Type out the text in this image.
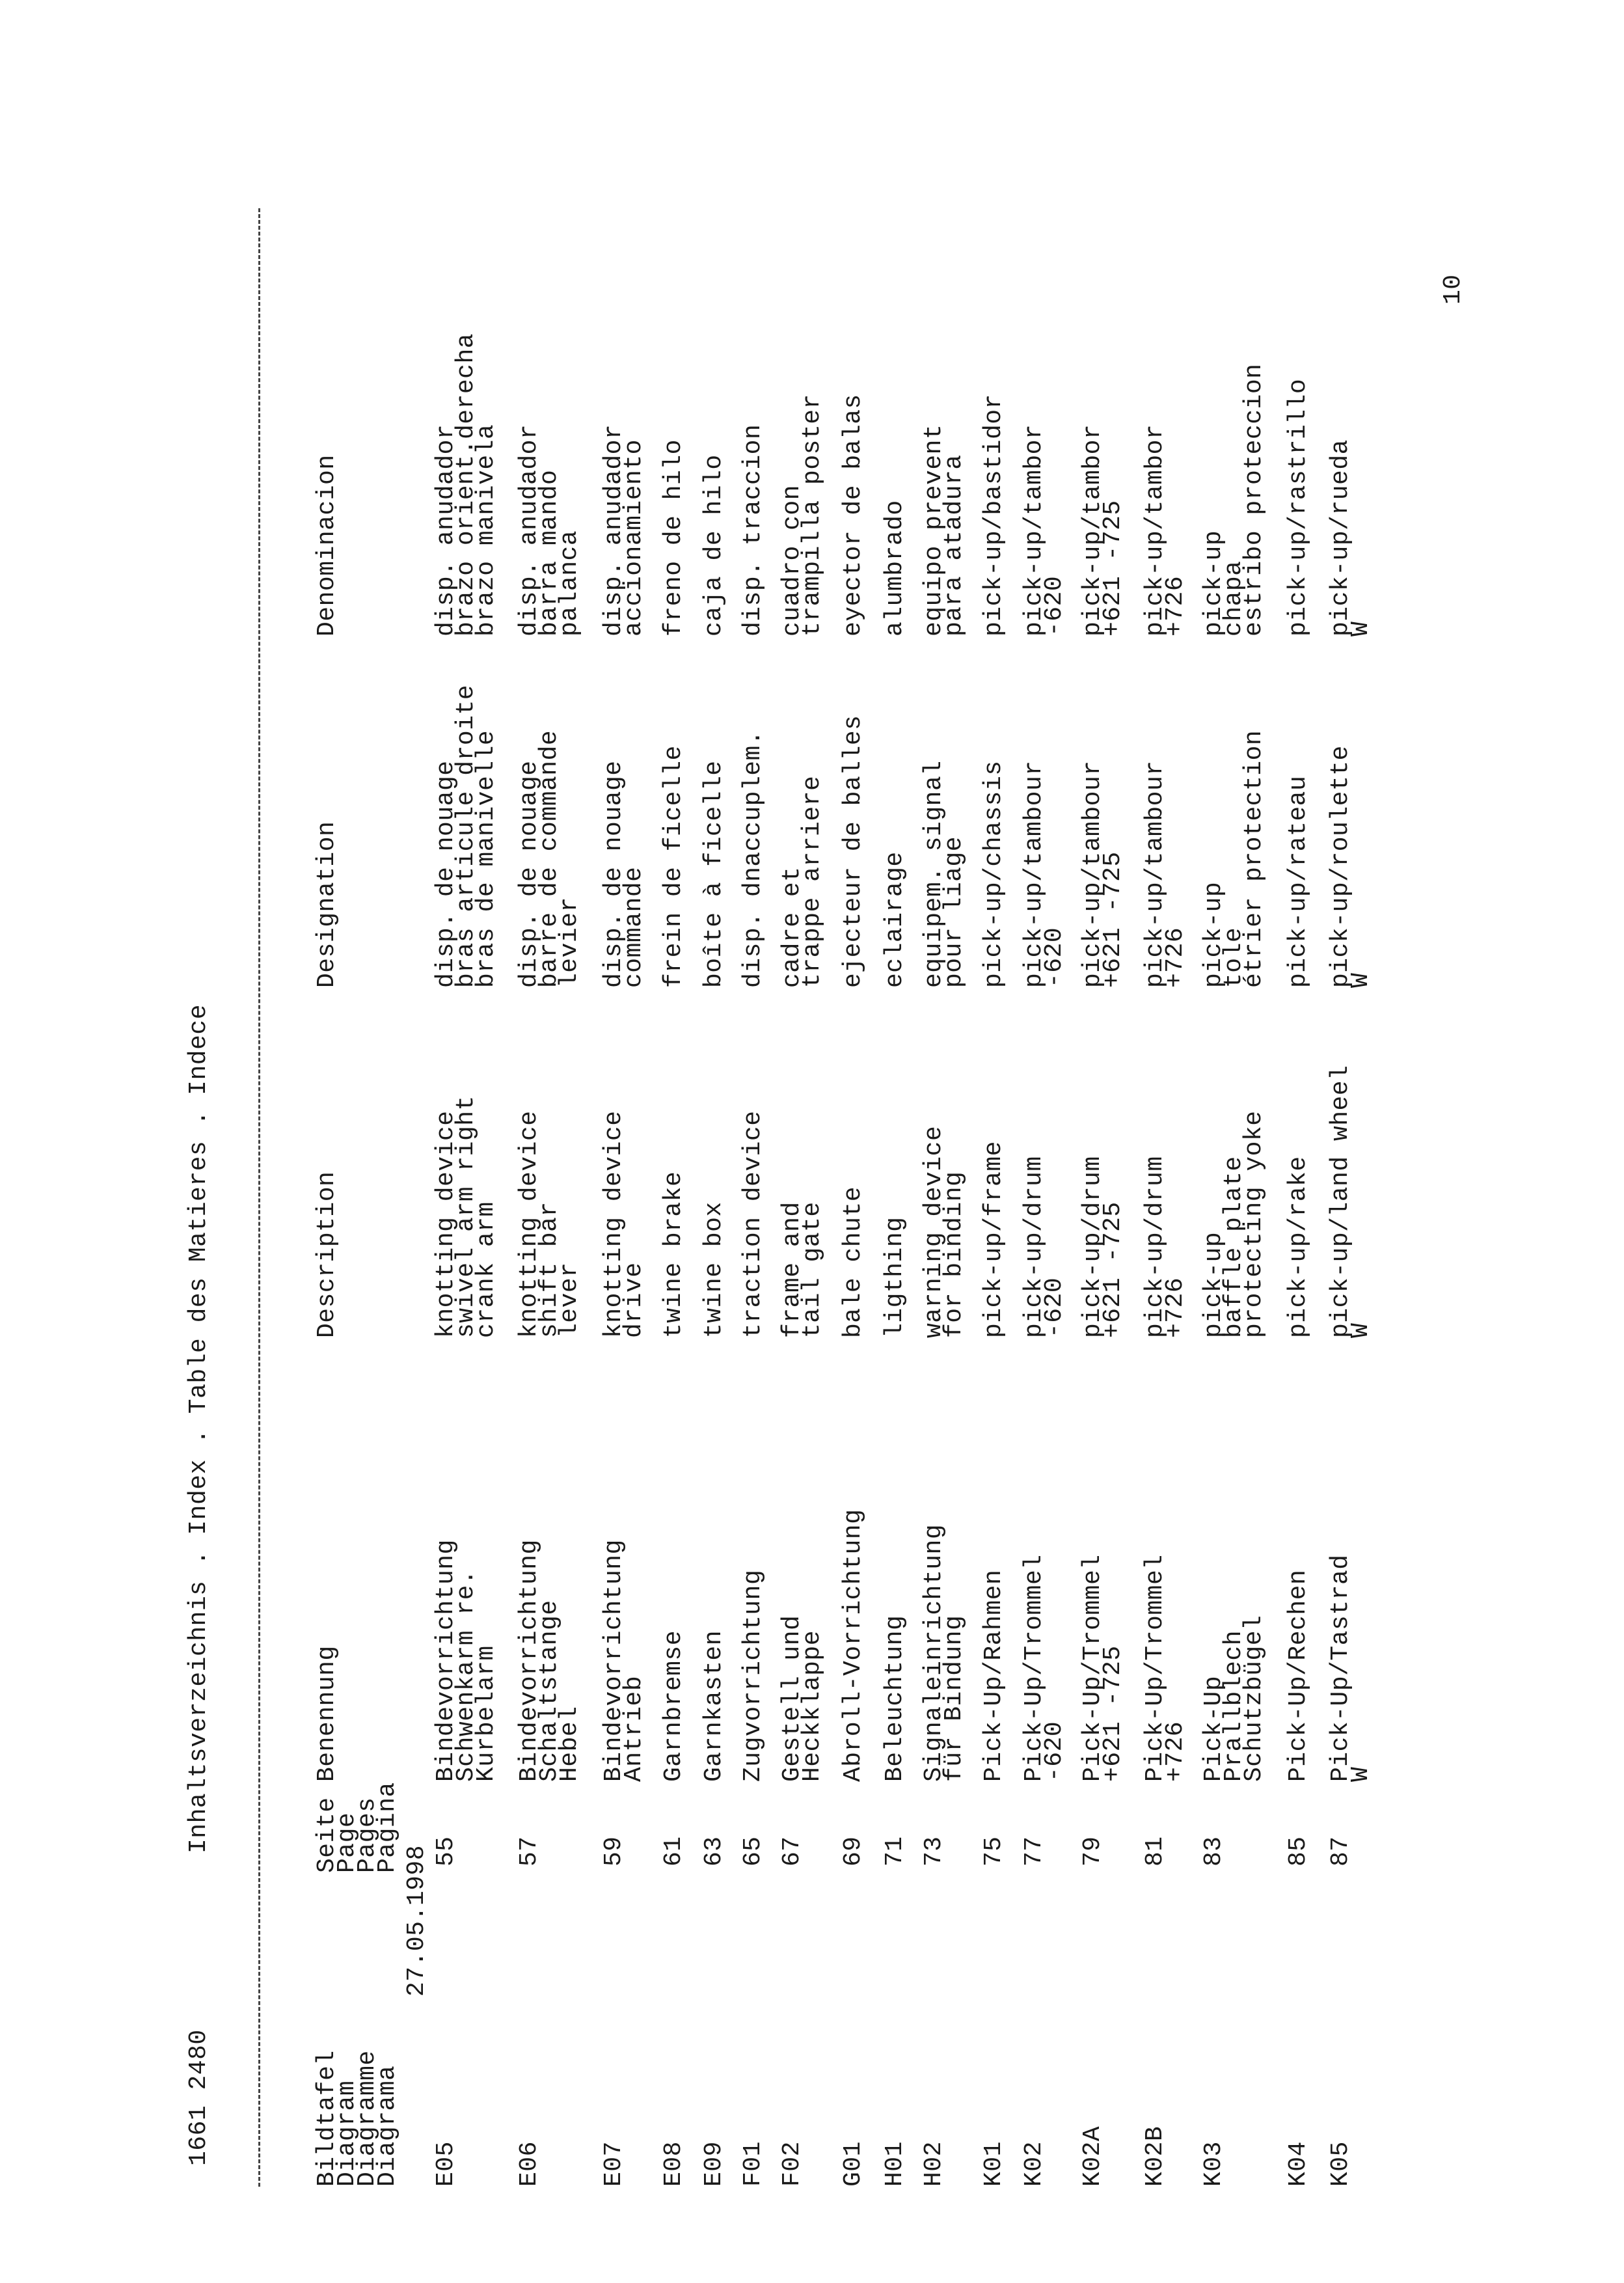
1661 2480
Inhaltsverzeichnis . Index . Table des Matieres . Indece
Bildtafel
Diagram
Diagramme
Diagrama
Seite
Page
Pages
Pagina
Benennung
Description
Designation
Denominacion
E05
55
Bindevorrichtung
Schwenkarm re.
Kurbelarm
knotting device
swivel arm right
crank arm
disp. de nouage
bras articule droite
bras de manivelle
disp. anudador
brazo orient.derecha
brazo manivela
E06
57
Bindevorrichtung
Schaltstange
Hebel
knotting device
shift bar
lever
disp. de nouage
barre de commande
levier
disp. anudador
barra mando
palanca
E07
59
Bindevorrichtung
Antrieb
knotting device
drive
disp. de nouage
commande
disp. anudador
accionamiento
E08
61
Garnbremse
twine brake
frein de ficelle
freno de hilo
E09
63
Garnkasten
twine box
boîte à ficelle
caja de hilo
F01
65
Zugvorrichtung
traction device
disp. dnaccuplem.
disp. traccion
F02
67
Gestell und
Heckklappe
frame and
tail gate
cadre et
trappe arriere
cuadro con
trampilla poster
G01
69
Abroll-Vorrichtung
bale chute
ejecteur de balles
eyector de balas
H01
71
Beleuchtung
ligthing
eclairage
alumbrado
H02
73
Signaleinrichtung
für Bindung
warning device
for binding
equipem. signal
pour liage
equipo prevent
para atadura
K01
75
Pick-Up/Rahmen
pick-up/frame
pick-up/chassis
pick-up/bastidor
K02
77
Pick-Up/Trommel
-620
pick-up/drum
-620
pick-up/tambour
-620
pick-up/tambor
-620
K02A
79
Pick-Up/Trommel
+621 -725
pick-up/drum
+621 -725
pick-up/tambour
+621 -725
pick-up/tambor
+621 -725
K02B
81
Pick-Up/Trommel
+726
pick-up/drum
+726
pick-up/tambour
+726
pick-up/tambor
+726
K03
83
Pick-Up
Prallblech
Schutzbügel
pick-up
baffle plate
protecting yoke
pick-up
tole
étrier protection
pick-up
chapa
estribo proteccion
K04
85
Pick-Up/Rechen
pick-up/rake
pick-up/rateau
pick-up/rastrillo
K05
87
Pick-Up/Tastrad
W
pick-up/land wheel
W
pick-up/roulette
W
pick-up/rueda
W
27.05.1998
10
